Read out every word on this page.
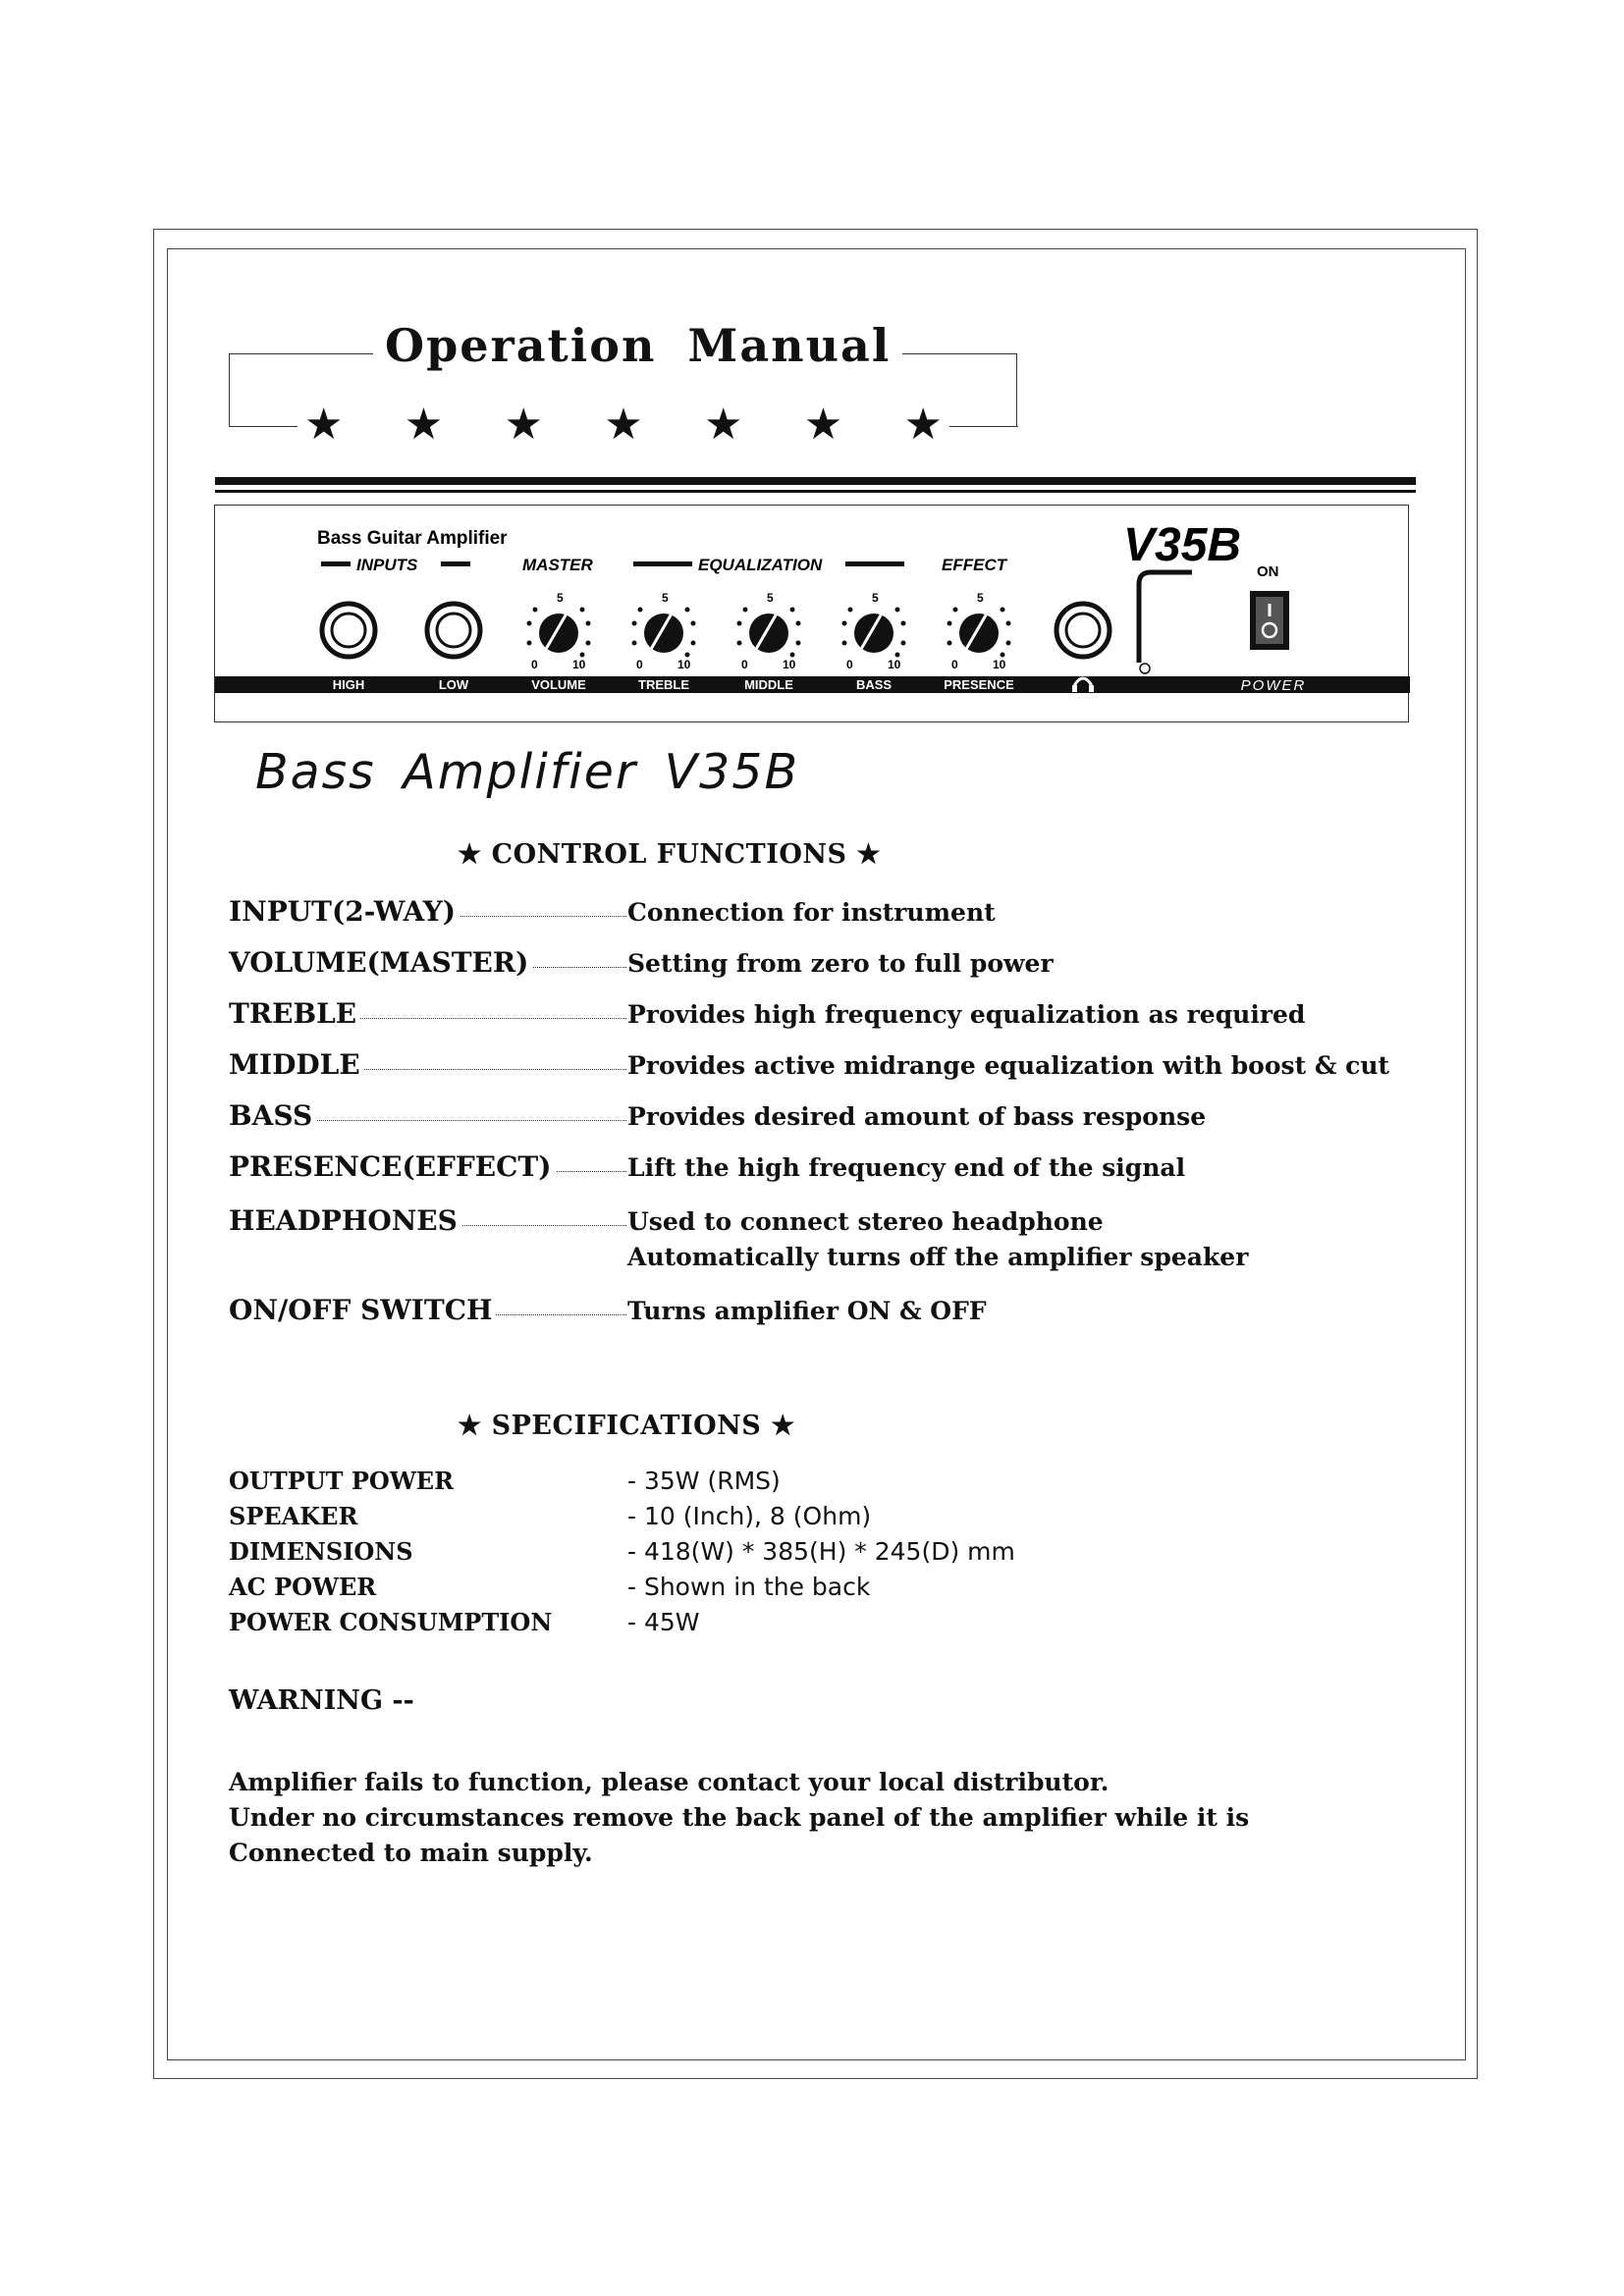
Operation Manual
★ ★ ★ ★ ★ ★ ★
Bass Guitar Amplifier
INPUTS	MASTER	EQUALIZATION	EFFECT
5
0	10
5
0	10
5
0	10
5
0	10
5
0	10
V35B
ON
HIGH	LOW	VOLUME	TREBLE	MIDDLE	BASS	PRESENCE	POWER
Bass Amplifier V35B
★ CONTROL FUNCTIONS ★
INPUT(2-WAY)	Connection for instrument
VOLUME(MASTER)	Setting from zero to full power
TREBLE	Provides high frequency equalization as required
MIDDLE	Provides active midrange equalization with boost & cut
BASS	Provides desired amount of bass response
PRESENCE(EFFECT)	Lift the high frequency end of the signal
HEADPHONES	Used to connect stereo headphone
Automatically turns off the amplifier speaker
ON/OFF SWITCH	Turns amplifier ON & OFF
★ SPECIFICATIONS ★
OUTPUT POWER	- 35W (RMS)
SPEAKER	- 10 (Inch), 8 (Ohm)
DIMENSIONS	- 418(W) * 385(H) * 245(D) mm
AC POWER	- Shown in the back
POWER CONSUMPTION	- 45W
WARNING --
Amplifier fails to function, please contact your local distributor.
Under no circumstances remove the back panel of the amplifier while it is
Connected to main supply.
